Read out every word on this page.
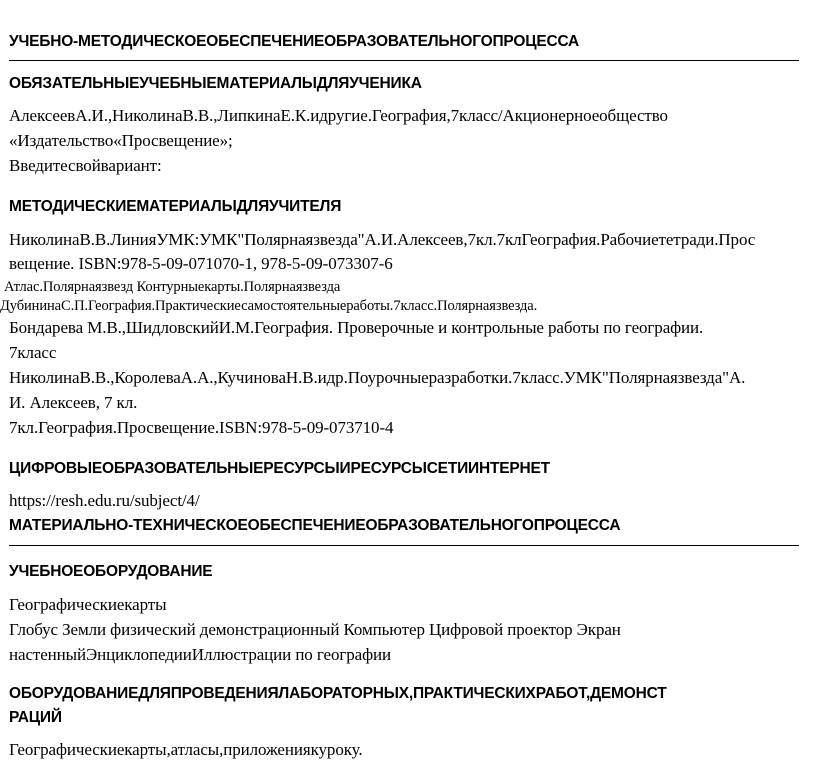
УЧЕБНО-МЕТОДИЧЕСКОЕОБЕСПЕЧЕНИЕОБРАЗОВАТЕЛЬНОГОПРОЦЕССА
ОБЯЗАТЕЛЬНЫЕУЧЕБНЫЕМАТЕРИАЛЫДЛЯУЧЕНИКА
АлексеевА.И.,НиколинаВ.В.,ЛипкинаЕ.К.идругие.География,7класс/Акционерноеобщество
«Издательство«Просвещение»;
Введитесвойвариант:
МЕТОДИЧЕСКИЕМАТЕРИАЛЫДЛЯУЧИТЕЛЯ
НиколинаВ.В.ЛинияУМК:УМК"Полярнаязвезда"А.И.Алексеев,7кл.7клГеография.Рабочиететради.Прос
вещение. ISBN:978-5-09-071070-1, 978-5-09-073307-6
Атлас.Полярнаязвезд Контурныекарты.Полярнаязвезда
ДубининаС.П.География.Практическиесамостоятельныеработы.7класс.Полярнаязвезда.
Бондарева М.В.,ШидловскийИ.М.География. Проверочные и контрольные работы по географии.
7класс
НиколинаВ.В.,КоролеваА.А.,КучиноваН.В.идр.Поурочныеразработки.7класс.УМК"Полярнаязвезда"А.
И. Алексеев, 7 кл.
7кл.География.Просвещение.ISBN:978-5-09-073710-4
ЦИФРОВЫЕОБРАЗОВАТЕЛЬНЫЕРЕСУРСЫИРЕСУРСЫСЕТИИНТЕРНЕТ
https://resh.edu.ru/subject/4/
МАТЕРИАЛЬНО-ТЕХНИЧЕСКОЕОБЕСПЕЧЕНИЕОБРАЗОВАТЕЛЬНОГОПРОЦЕССА
УЧЕБНОЕОБОРУДОВАНИЕ
Географическиекарты
Глобус Земли физический демонстрационный Компьютер Цифровой проектор Экран
настенныйЭнциклопедииИллюстрации по географии
ОБОРУДОВАНИЕДЛЯПРОВЕДЕНИЯЛАБОРАТОРНЫХ,ПРАКТИЧЕСКИХРАБОТ,ДЕМОНСТ
РАЦИЙ
Географическиекарты,атласы,приложениякуроку.
